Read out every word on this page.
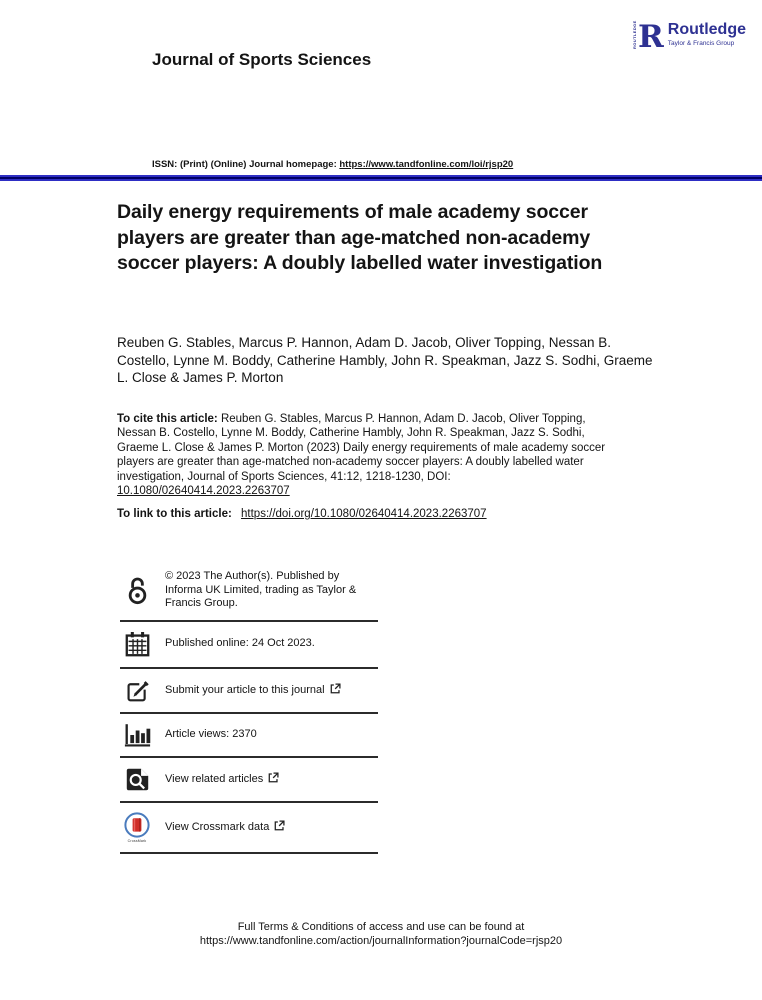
ROUTLEDGE R Routledge
Taylor & Francis Group
Journal of Sports Sciences
ISSN: (Print) (Online) Journal homepage: https://www.tandfonline.com/loi/rjsp20
Daily energy requirements of male academy soccer players are greater than age-matched non-academy soccer players: A doubly labelled water investigation
Reuben G. Stables, Marcus P. Hannon, Adam D. Jacob, Oliver Topping, Nessan B. Costello, Lynne M. Boddy, Catherine Hambly, John R. Speakman, Jazz S. Sodhi, Graeme L. Close & James P. Morton
To cite this article: Reuben G. Stables, Marcus P. Hannon, Adam D. Jacob, Oliver Topping, Nessan B. Costello, Lynne M. Boddy, Catherine Hambly, John R. Speakman, Jazz S. Sodhi, Graeme L. Close & James P. Morton (2023) Daily energy requirements of male academy soccer players are greater than age-matched non-academy soccer players: A doubly labelled water investigation, Journal of Sports Sciences, 41:12, 1218-1230, DOI: 10.1080/02640414.2023.2263707
To link to this article: https://doi.org/10.1080/02640414.2023.2263707
© 2023 The Author(s). Published by Informa UK Limited, trading as Taylor & Francis Group.
Published online: 24 Oct 2023.
Submit your article to this journal
Article views: 2370
View related articles
CrossMark
View Crossmark data
Full Terms & Conditions of access and use can be found at
https://www.tandfonline.com/action/journalInformation?journalCode=rjsp20
